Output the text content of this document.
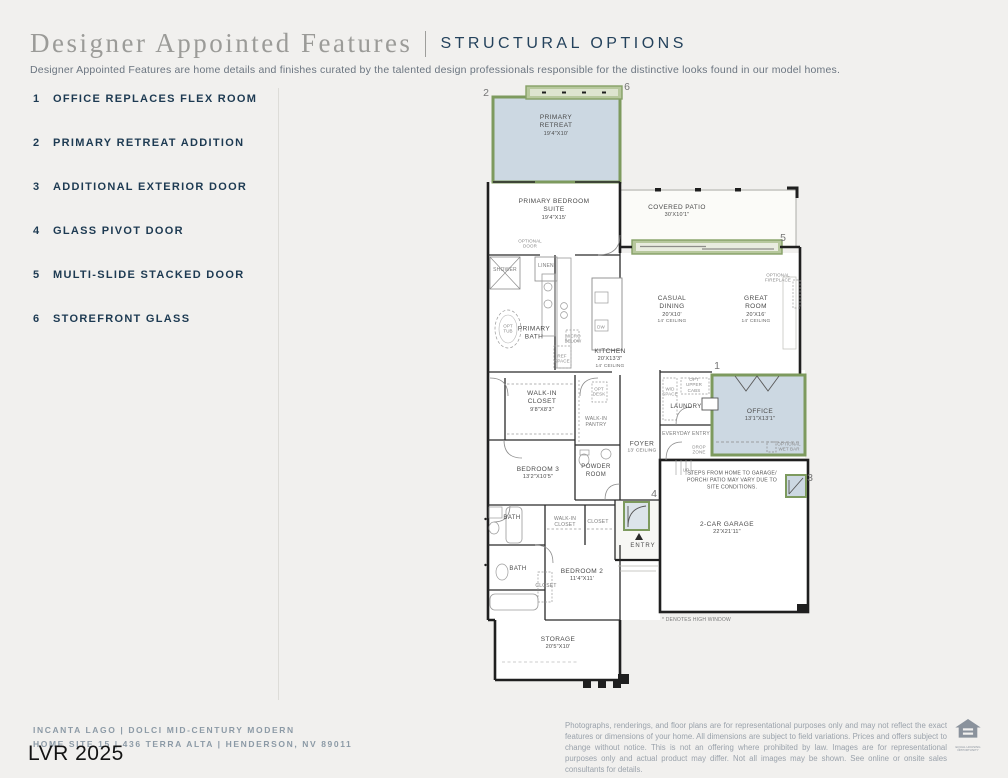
Designer Appointed Features	STRUCTURAL OPTIONS
Designer Appointed Features are home details and finishes curated by the talented design professionals responsible for the distinctive looks found in our model homes.
1	OFFICE REPLACES FLEX ROOM
2	PRIMARY RETREAT ADDITION
3	ADDITIONAL EXTERIOR DOOR
4	GLASS PIVOT DOOR
5	MULTI-SLIDE STACKED DOOR
6	STOREFRONT GLASS
2	6
5
1
3
4
PRIMARY RETREAT
19'4"X10'
PRIMARY BEDROOM SUITE
19'4"X15'
OPTIONAL DOOR
COVERED PATIO
30'X10'1"
OPTIONAL FIREPLACE
SHOWER
LINEN
PRIMARY BATH
OPT TUB
MICRO BELOW
REF SPACE
DW
KITCHEN
20'X13'3"
14' CEILING
CASUAL DINING
20'X10'
14' CEILING
GREAT ROOM
20'X16'
14' CEILING
W/D SPACE
OPT UPPER CABS
LAUNDRY
OFFICE
13'1"X13'1"
OPTIONAL WET BAR
EVERYDAY ENTRY
DROP ZONE
UP
STEPS FROM HOME TO GARAGE/ PORCH/ PATIO MAY VARY DUE TO SITE CONDITIONS.
2-CAR GARAGE
22'X21'11"
WALK-IN CLOSET
9'8"X8'3"
OPT DESK
WALK-IN PANTRY
FOYER
13' CEILING
POWDER ROOM
BEDROOM 3
13'2"X10'5"
BATH	WALK-IN CLOSET
CLOSET
ENTRY
BATH	BEDROOM 2
11'4"X11'
CLOSET
STORAGE
20'5"X10'
* DENOTES HIGH WINDOW
INCANTA LAGO | DOLCI MID-CENTURY MODERN
HOME SITE 15 | 436 TERRA ALTA | HENDERSON, NV 89011
LVR 2025
Photographs, renderings, and floor plans are for representational purposes only and may not reflect the exact features or dimensions of your home. All dimensions are subject to field variations. Prices and offers subject to change without notice. This is not an offering where prohibited by law. Images are for representational purposes only and actual product may differ. Not all images may be shown. See online or onsite sales consultants for details.
EQUAL HOUSING OPPORTUNITY
